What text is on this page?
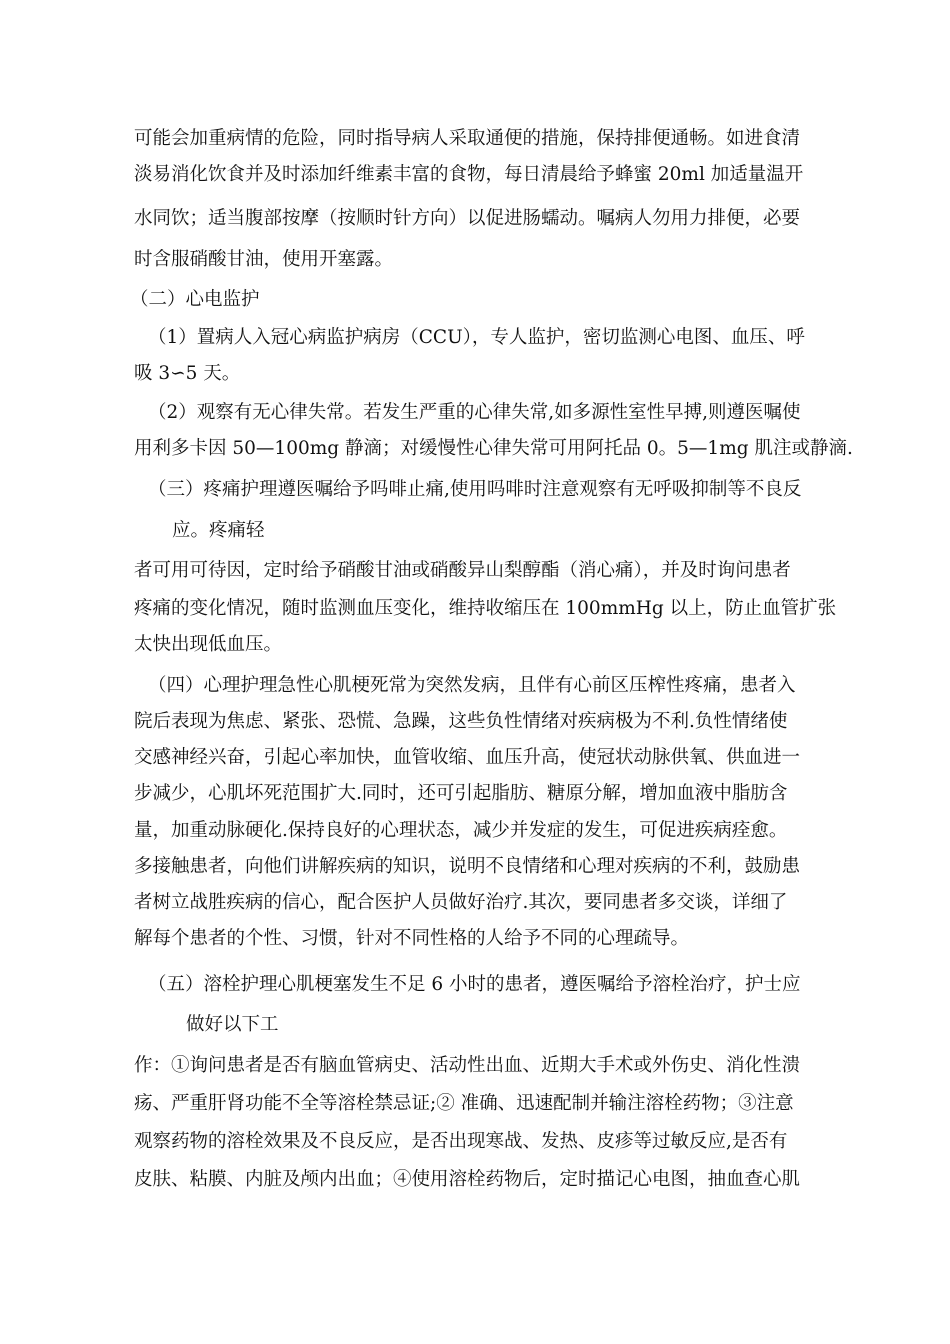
可能会加重病情的危险，同时指导病人采取通便的措施，保持排便通畅。如进食清
淡易消化饮食并及时添加纤维素丰富的食物，每日清晨给予蜂蜜 20ml 加适量温开
水同饮；适当腹部按摩（按顺时针方向）以促进肠蠕动。嘱病人勿用力排便，必要
时含服硝酸甘油，使用开塞露。
（二）心电监护
（1）置病人入冠心病监护病房（CCU），专人监护，密切监测心电图、血压、呼
吸 3∽5 天。
（2）观察有无心律失常。若发生严重的心律失常,如多源性室性早搏,则遵医嘱使
用利多卡因 50—100mg 静滴；对缓慢性心律失常可用阿托品 0。5—1mg 肌注或静滴.
（三）疼痛护理遵医嘱给予吗啡止痛,使用吗啡时注意观察有无呼吸抑制等不良反
应。疼痛轻
者可用可待因，定时给予硝酸甘油或硝酸异山梨醇酯（消心痛），并及时询问患者
疼痛的变化情况，随时监测血压变化，维持收缩压在 100mmHg 以上，防止血管扩张
太快出现低血压。
（四）心理护理急性心肌梗死常为突然发病，且伴有心前区压榨性疼痛，患者入
院后表现为焦虑、紧张、恐慌、急躁，这些负性情绪对疾病极为不利.负性情绪使
交感神经兴奋，引起心率加快，血管收缩、血压升高，使冠状动脉供氧、供血进一
步减少，心肌坏死范围扩大.同时，还可引起脂肪、糖原分解，增加血液中脂肪含
量，加重动脉硬化.保持良好的心理状态，减少并发症的发生，可促进疾病痊愈。
多接触患者，向他们讲解疾病的知识，说明不良情绪和心理对疾病的不利，鼓励患
者树立战胜疾病的信心，配合医护人员做好治疗.其次，要同患者多交谈，详细了
解每个患者的个性、习惯，针对不同性格的人给予不同的心理疏导。
（五）溶栓护理心肌梗塞发生不足 6 小时的患者，遵医嘱给予溶栓治疗，护士应
做好以下工
作：①询问患者是否有脑血管病史、活动性出血、近期大手术或外伤史、消化性溃
疡、严重肝肾功能不全等溶栓禁忌证;② 准确、迅速配制并输注溶栓药物；③注意
观察药物的溶栓效果及不良反应，是否出现寒战、发热、皮疹等过敏反应,是否有
皮肤、粘膜、内脏及颅内出血；④使用溶栓药物后，定时描记心电图，抽血查心肌
